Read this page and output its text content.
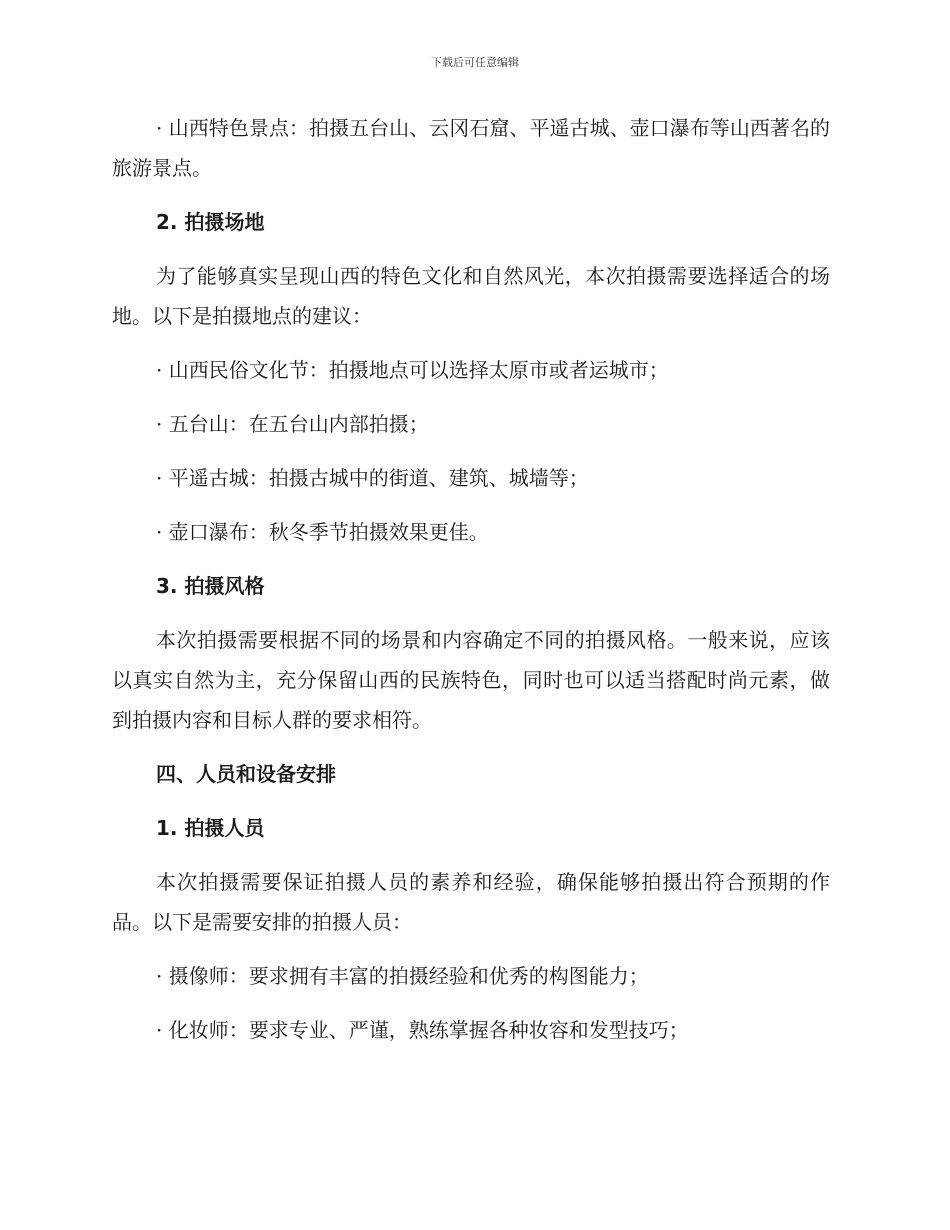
下载后可任意编辑

· 山西特色景点：拍摄五台山、云冈石窟、平遥古城、壶口瀑布等山西著名的旅游景点。

2. 拍摄场地

为了能够真实呈现山西的特色文化和自然风光，本次拍摄需要选择适合的场地。以下是拍摄地点的建议：

· 山西民俗文化节：拍摄地点可以选择太原市或者运城市；

· 五台山：在五台山内部拍摄；

· 平遥古城：拍摄古城中的街道、建筑、城墙等；

· 壶口瀑布：秋冬季节拍摄效果更佳。

3. 拍摄风格

本次拍摄需要根据不同的场景和内容确定不同的拍摄风格。一般来说，应该以真实自然为主，充分保留山西的民族特色，同时也可以适当搭配时尚元素，做到拍摄内容和目标人群的要求相符。

四、人员和设备安排

1. 拍摄人员

本次拍摄需要保证拍摄人员的素养和经验，确保能够拍摄出符合预期的作品。以下是需要安排的拍摄人员：

· 摄像师：要求拥有丰富的拍摄经验和优秀的构图能力；

· 化妆师：要求专业、严谨，熟练掌握各种妆容和发型技巧；
